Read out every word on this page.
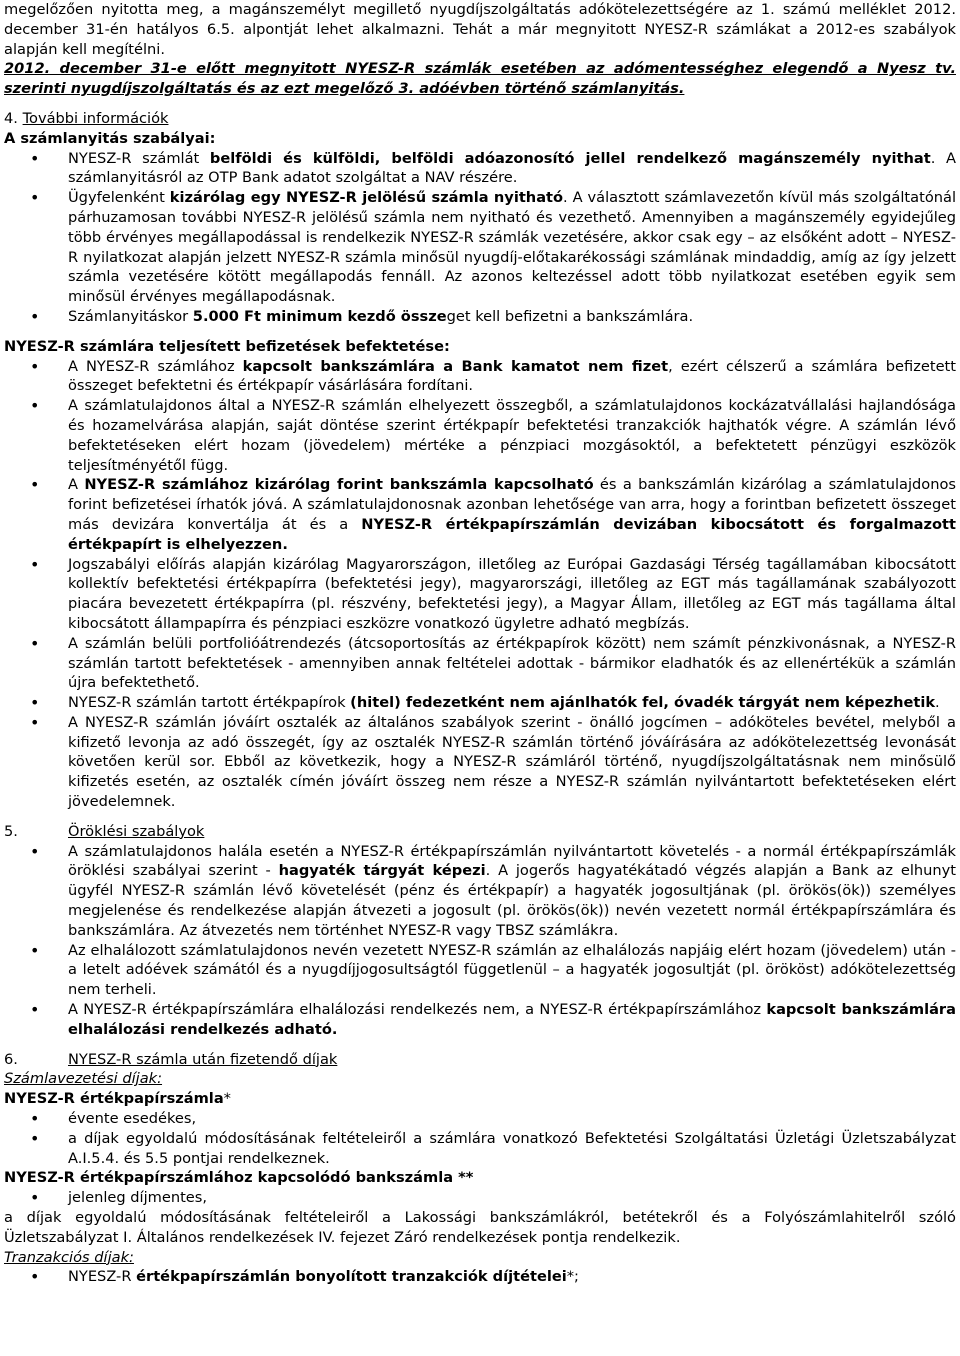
megelőzően nyitotta meg, a magánszemélyt megillető nyugdíjszolgáltatás adókötelezettségére az 1. számú melléklet 2012. december 31-én hatályos 6.5. alpontját lehet alkalmazni. Tehát a már megnyitott NYESZ-R számlákat a 2012-es szabályok alapján kell megítélni.

2012. december 31-e előtt megnyitott NYESZ-R számlák esetében az adómentességhez elegendő a Nyesz tv. szerinti nyugdíjszolgáltatás és az ezt megelőző 3. adóévben történő számlanyitás.

4. További információk

A számlanyitás szabályai:

• NYESZ-R számlát belföldi és külföldi, belföldi adóazonosító jellel rendelkező magánszemély nyithat. A számlanyitásról az OTP Bank adatot szolgáltat a NAV részére.
• Ügyfelenként kizárólag egy NYESZ-R jelölésű számla nyitható. A választott számlavezetőn kívül más szolgáltatónál párhuzamosan további NYESZ-R jelölésű számla nem nyitható és vezethető. Amennyiben a magánszemély egyidejűleg több érvényes megállapodással is rendelkezik NYESZ-R számlák vezetésére, akkor csak egy – az elsőként adott – NYESZ-R nyilatkozat alapján jelzett NYESZ-R számla minősül nyugdíj-előtakarékossági számlának mindaddig, amíg az így jelzett számla vezetésére kötött megállapodás fennáll. Az azonos keltezéssel adott több nyilatkozat esetében egyik sem minősül érvényes megállapodásnak.
• Számlanyitáskor 5.000 Ft minimum kezdő összeget kell befizetni a bankszámlára.

NYESZ-R számlára teljesített befizetések befektetése:

• A NYESZ-R számlához kapcsolt bankszámlára a Bank kamatot nem fizet, ezért célszerű a számlára befizetett összeget befektetni és értékpapír vásárlására fordítani.
• A számlatulajdonos által a NYESZ-R számlán elhelyezett összegből, a számlatulajdonos kockázatvállalási hajlandósága és hozamelvárása alapján, saját döntése szerint értékpapír befektetési tranzakciók hajthatók végre. A számlán lévő befektetéseken elért hozam (jövedelem) mértéke a pénzpiaci mozgásoktól, a befektetett pénzügyi eszközök teljesítményétől függ.
• A NYESZ-R számlához kizárólag forint bankszámla kapcsolható és a bankszámlán kizárólag a számlatulajdonos forint befizetései írhatók jóvá. A számlatulajdonosnak azonban lehetősége van arra, hogy a forintban befizetett összeget más devizára konvertálja át és a NYESZ-R értékpapírszámlán devizában kibocsátott és forgalmazott értékpapírt is elhelyezzen.
• Jogszabályi előírás alapján kizárólag Magyarországon, illetőleg az Európai Gazdasági Térség tagállamában kibocsátott kollektív befektetési értékpapírra (befektetési jegy), magyarországi, illetőleg az EGT más tagállamának szabályozott piacára bevezetett értékpapírra (pl. részvény, befektetési jegy), a Magyar Állam, illetőleg az EGT más tagállama által kibocsátott állampapírra és pénzpiaci eszközre vonatkozó ügyletre adható megbízás.
• A számlán belüli portfolióátrendezés (átcsoportosítás az értékpapírok között) nem számít pénzkivonásnak, a NYESZ-R számlán tartott befektetések - amennyiben annak feltételei adottak - bármikor eladhatók és az ellenértékük a számlán újra befektethető.
• NYESZ-R számlán tartott értékpapírok (hitel) fedezetként nem ajánlhatók fel, óvadék tárgyát nem képezhetik.
• A NYESZ-R számlán jóváírt osztalék az általános szabályok szerint - önálló jogcímen – adóköteles bevétel, melyből a kifizető levonja az adó összegét, így az osztalék NYESZ-R számlán történő jóváírására az adókötelezettség levonását követően kerül sor. Ebből az következik, hogy a NYESZ-R számláról történő, nyugdíjszolgáltatásnak nem minősülő kifizetés esetén, az osztalék címén jóváírt összeg nem része a NYESZ-R számlán nyilvántartott befektetéseken elért jövedelemnek.

5.	Öröklési szabályok

• A számlatulajdonos halála esetén a NYESZ-R értékpapírszámlán nyilvántartott követelés - a normál értékpapírszámlák öröklési szabályai szerint - hagyaték tárgyát képezi. A jogerős hagyatékátadó végzés alapján a Bank az elhunyt ügyfél NYESZ-R számlán lévő követelését (pénz és értékpapír) a hagyaték jogosultjának (pl. örökös(ök)) személyes megjelenése és rendelkezése alapján átvezeti a jogosult (pl. örökös(ök)) nevén vezetett normál értékpapírszámlára és bankszámlára. Az átvezetés nem történhet NYESZ-R vagy TBSZ számlákra.
• Az elhalálozott számlatulajdonos nevén vezetett NYESZ-R számlán az elhalálozás napjáig elért hozam (jövedelem) után - a letelt adóévek számától és a nyugdíjjogosultságtól függetlenül – a hagyaték jogosultját (pl. örököst) adókötelezettség nem terheli.
• A NYESZ-R értékpapírszámlára elhalálozási rendelkezés nem, a NYESZ-R értékpapírszámlához kapcsolt bankszámlára elhalálozási rendelkezés adható.

6.	NYESZ-R számla után fizetendő díjak

Számlavezetési díjak:

NYESZ-R értékpapírszámla*

• évente esedékes,
• a díjak egyoldalú módosításának feltételeiről a számlára vonatkozó Befektetési Szolgáltatási Üzletági Üzletszabályzat A.I.5.4. és 5.5 pontjai rendelkeznek.

NYESZ-R értékpapírszámlához kapcsolódó bankszámla **

• jelenleg díjmentes,

a díjak egyoldalú módosításának feltételeiről a Lakossági bankszámlákról, betétekről és a Folyószámlahitelről szóló Üzletszabályzat I. Általános rendelkezések IV. fejezet Záró rendelkezések pontja rendelkezik.

Tranzakciós díjak:

• NYESZ-R értékpapírszámlán bonyolított tranzakciók díjtételei*;
